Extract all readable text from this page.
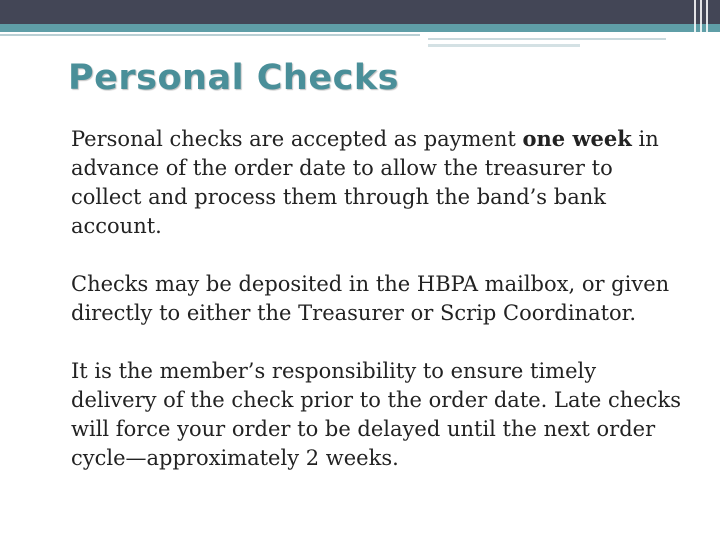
Personal Checks

Personal checks are accepted as payment one week in advance of the order date to allow the treasurer to collect and process them through the band’s bank account.

Checks may be deposited in the HBPA mailbox, or given directly to either the Treasurer or Scrip Coordinator.

It is the member’s responsibility to ensure timely delivery of the check prior to the order date. Late checks will force your order to be delayed until the next order cycle—approximately 2 weeks.
